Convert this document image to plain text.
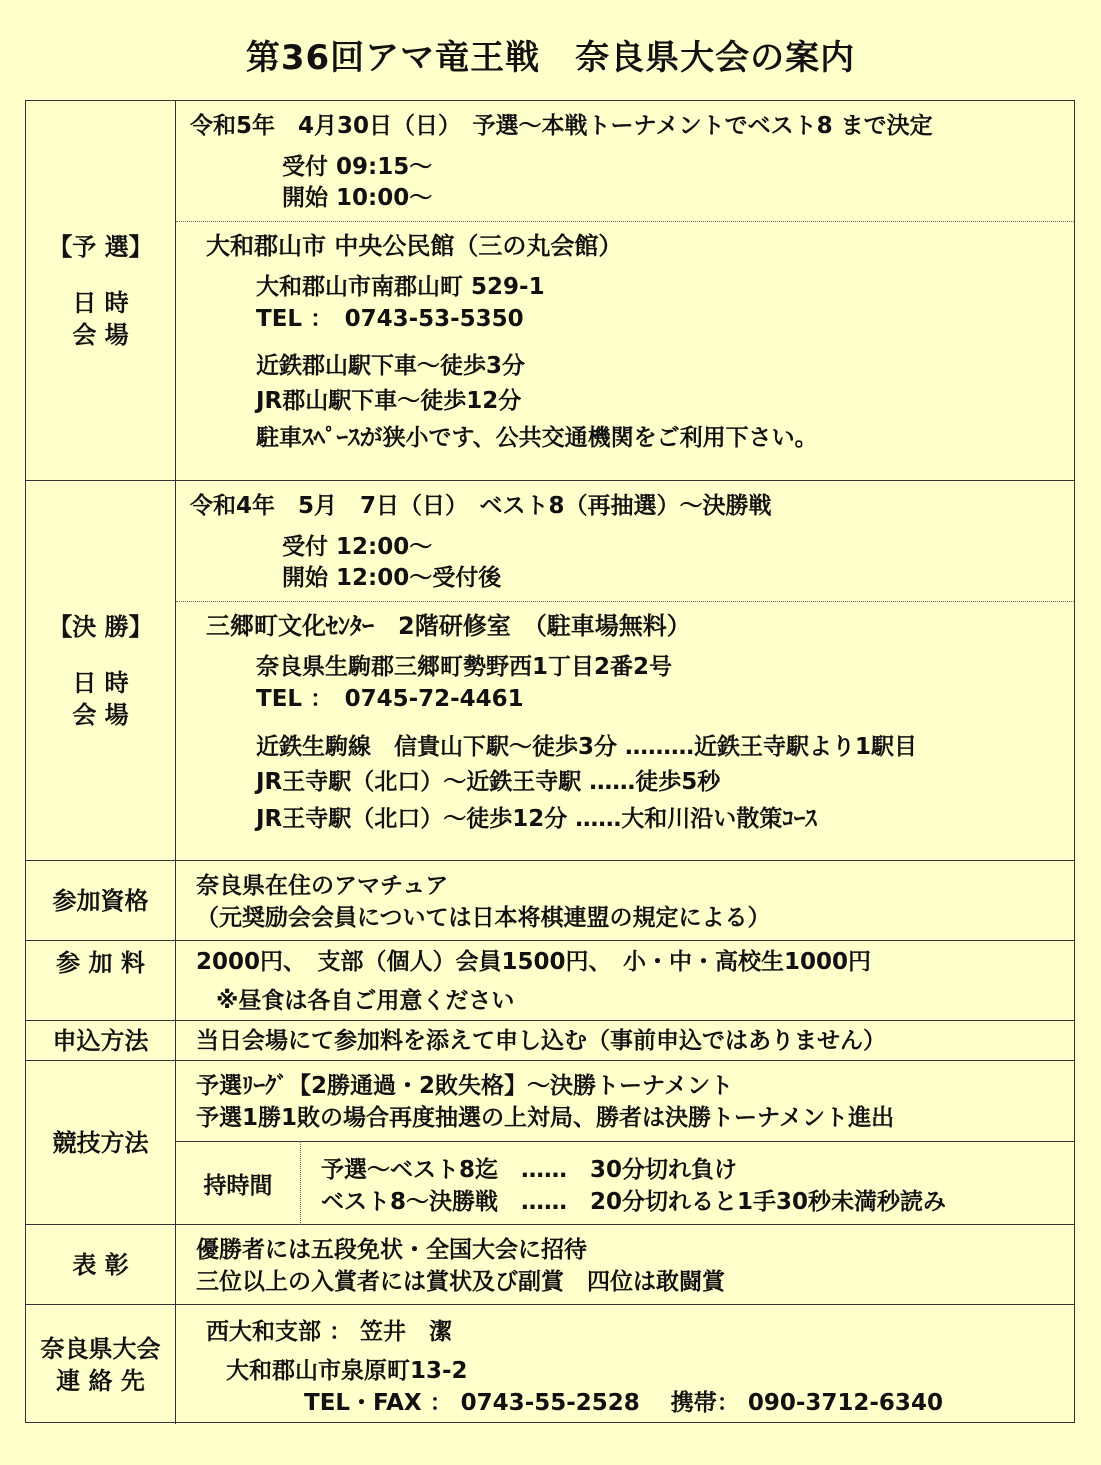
第36回アマ竜王戦　奈良県大会の案内
【予 選】
日 時
会 場
令和5年　4月30日（日）　予選～本戦トーナメントでベスト8 まで決定
受付 09:15～
開始 10:00～
大和郡山市 中央公民館（三の丸会館）
大和郡山市南郡山町 529-1
TEL ：　0743-53-5350
近鉄郡山駅下車～徒歩3分
JR郡山駅下車～徒歩12分
駐車ｽﾍﾟｰｽが狭小です、公共交通機関をご利用下さい。
【決 勝】
日 時
会 場
令和4年　5月　7日（日）　ベスト8（再抽選）～決勝戦
受付 12:00～
開始 12:00～受付後
三郷町文化ｾﾝﾀｰ　2階研修室　（駐車場無料）
奈良県生駒郡三郷町勢野西1丁目2番2号
TEL ：　0745-72-4461
近鉄生駒線　信貴山下駅～徒歩3分 ………近鉄王寺駅より1駅目
JR王寺駅（北口）～近鉄王寺駅 ……徒歩5秒
JR王寺駅（北口）～徒歩12分 ……大和川沿い散策ｺｰｽ
参加資格
奈良県在住のアマチュア
（元奨励会会員については日本将棋連盟の規定による）
参 加 料	2000円、　支部（個人）会員1500円、　小・中・高校生1000円
※昼食は各自ご用意ください
申込方法	当日会場にて参加料を添えて申し込む（事前申込ではありません）
競技方法
予選ﾘｰｸﾞ【2勝通過・2敗失格】～決勝トーナメント
予選1勝1敗の場合再度抽選の上対局、勝者は決勝トーナメント進出
持時間
予選～ベスト8迄　……　30分切れ負け
ベスト8～決勝戦　……　20分切れると1手30秒未満秒読み
表 彰
優勝者には五段免状・全国大会に招待
三位以上の入賞者には賞状及び副賞　四位は敢闘賞
奈良県大会
連 絡 先
西大和支部 ： 笠井　潔
大和郡山市泉原町13-2
TEL・FAX ： 0743-55-2528　 携帯： 090-3712-6340
